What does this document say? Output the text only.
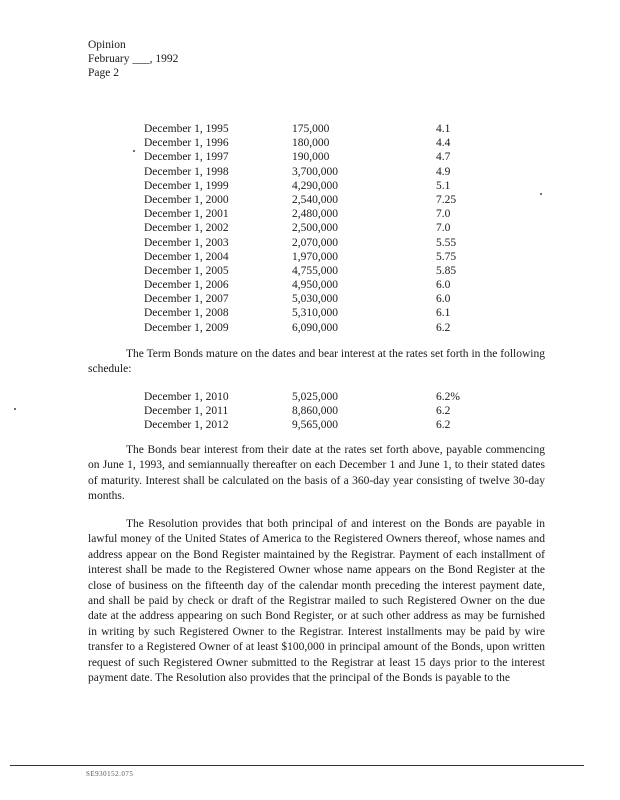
Opinion
February ___, 1992
Page 2
December 1, 1995	175,000	4.1
December 1, 1996	180,000	4.4
December 1, 1997	190,000	4.7
December 1, 1998	3,700,000	4.9
December 1, 1999	4,290,000	5.1
December 1, 2000	2,540,000	7.25
December 1, 2001	2,480,000	7.0
December 1, 2002	2,500,000	7.0
December 1, 2003	2,070,000	5.55
December 1, 2004	1,970,000	5.75
December 1, 2005	4,755,000	5.85
December 1, 2006	4,950,000	6.0
December 1, 2007	5,030,000	6.0
December 1, 2008	5,310,000	6.1
December 1, 2009	6,090,000	6.2

The Term Bonds mature on the dates and bear interest at the rates set forth in the following schedule:

December 1, 2010	5,025,000	6.2%
December 1, 2011	8,860,000	6.2
December 1, 2012	9,565,000	6.2

The Bonds bear interest from their date at the rates set forth above, payable commencing on June 1, 1993, and semiannually thereafter on each December 1 and June 1, to their stated dates of maturity. Interest shall be calculated on the basis of a 360-day year consisting of twelve 30-day months.

The Resolution provides that both principal of and interest on the Bonds are payable in lawful money of the United States of America to the Registered Owners thereof, whose names and address appear on the Bond Register maintained by the Registrar. Payment of each installment of interest shall be made to the Registered Owner whose name appears on the Bond Register at the close of business on the fifteenth day of the calendar month preceding the interest payment date, and shall be paid by check or draft of the Registrar mailed to such Registered Owner on the due date at the address appearing on such Bond Register, or at such other address as may be furnished in writing by such Registered Owner to the Registrar. Interest installments may be paid by wire transfer to a Registered Owner of at least $100,000 in principal amount of the Bonds, upon written request of such Registered Owner submitted to the Registrar at least 15 days prior to the interest payment date. The Resolution also provides that the principal of the Bonds is payable to the

SE930152.075
